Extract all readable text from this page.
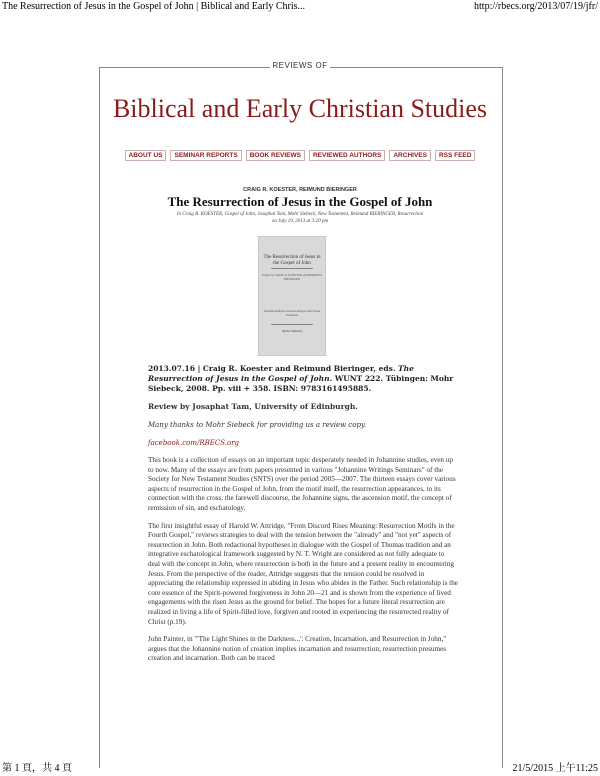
The Resurrection of Jesus in the Gospel of John | Biblical and Early Chris...	http://rbecs.org/2013/07/19/jfr/
REVIEWS OF
Biblical and Early Christian Studies
ABOUT US	SEMINAR REPORTS	BOOK REVIEWS	REVIEWED AUTHORS	ARCHIVES	RSS FEED
CRAIG R. KOESTER, REIMUND BIERINGER
The Resurrection of Jesus in the Gospel of John
In Craig R. KOESTER, Gospel of John, Josaphat Tam, Mohr Siebeck, New Testament, Reimund BIERINGER, Resurrection
on July 19, 2013 at 3:20 pm
The Resurrection of Jesus in the Gospel of John
Edited by CRAIG R. KOESTER and REIMUND BIERINGER
Wissenschaftliche Untersuchungen zum Neuen Testament
Mohr Siebeck

2013.07.16 | Craig R. Koester and Reimund Bieringer, eds. The Resurrection of Jesus in the Gospel of John. WUNT 222. Tübingen: Mohr Siebeck, 2008. Pp. viii + 358. ISBN: 9783161495885.

Review by Josaphat Tam, University of Edinburgh.

Many thanks to Mohr Siebeck for providing us a review copy.

facebook.com/RBECS.org

This book is a collection of essays on an important topic desperately needed in Johannine studies, even up to now. Many of the essays are from papers presented in various "Johannine Writings Seminars" of the Society for New Testament Studies (SNTS) over the period 2005—2007. The thirteen essays cover various aspects of resurrection in the Gospel of John, from the motif itself, the resurrection appearances, to its connection with the cross, the farewell discourse, the Johannine signs, the ascension motif, the concept of remission of sin, and eschatology.

The first insightful essay of Harold W. Attridge, "From Discord Rises Meaning: Resurrection Motifs in the Fourth Gospel," reviews strategies to deal with the tension between the "already" and "not yet" aspects of resurrection in John. Both redactional hypotheses in dialogue with the Gospel of Thomas tradition and an integrative eschatological framework suggested by N. T. Wright are considered as not fully adequate to deal with the concept in John, where resurrection is both in the future and a present reality in encountering Jesus. From the perspective of the reader, Attridge suggests that the tension could be resolved in appreciating the relationship expressed in abiding in Jesus who abides in the Father. Such relationship is the core essence of the Spirit-powered forgiveness in John 20—21 and is shown from the experience of lived engagements with the risen Jesus as the ground for belief. The hopes for a future literal resurrection are realized in living a life of Spirit-filled love, forgiven and rooted in experiencing the resurrected reality of Christ (p.19).

John Painter, in "'The Light Shines in the Darkness...': Creation, Incarnation, and Resurrection in John," argues that the Johannine notion of creation implies incarnation and resurrection; resurrection presumes creation and incarnation. Both can be traced

第 1 頁，共 4 頁	21/5/2015 上午11:25
